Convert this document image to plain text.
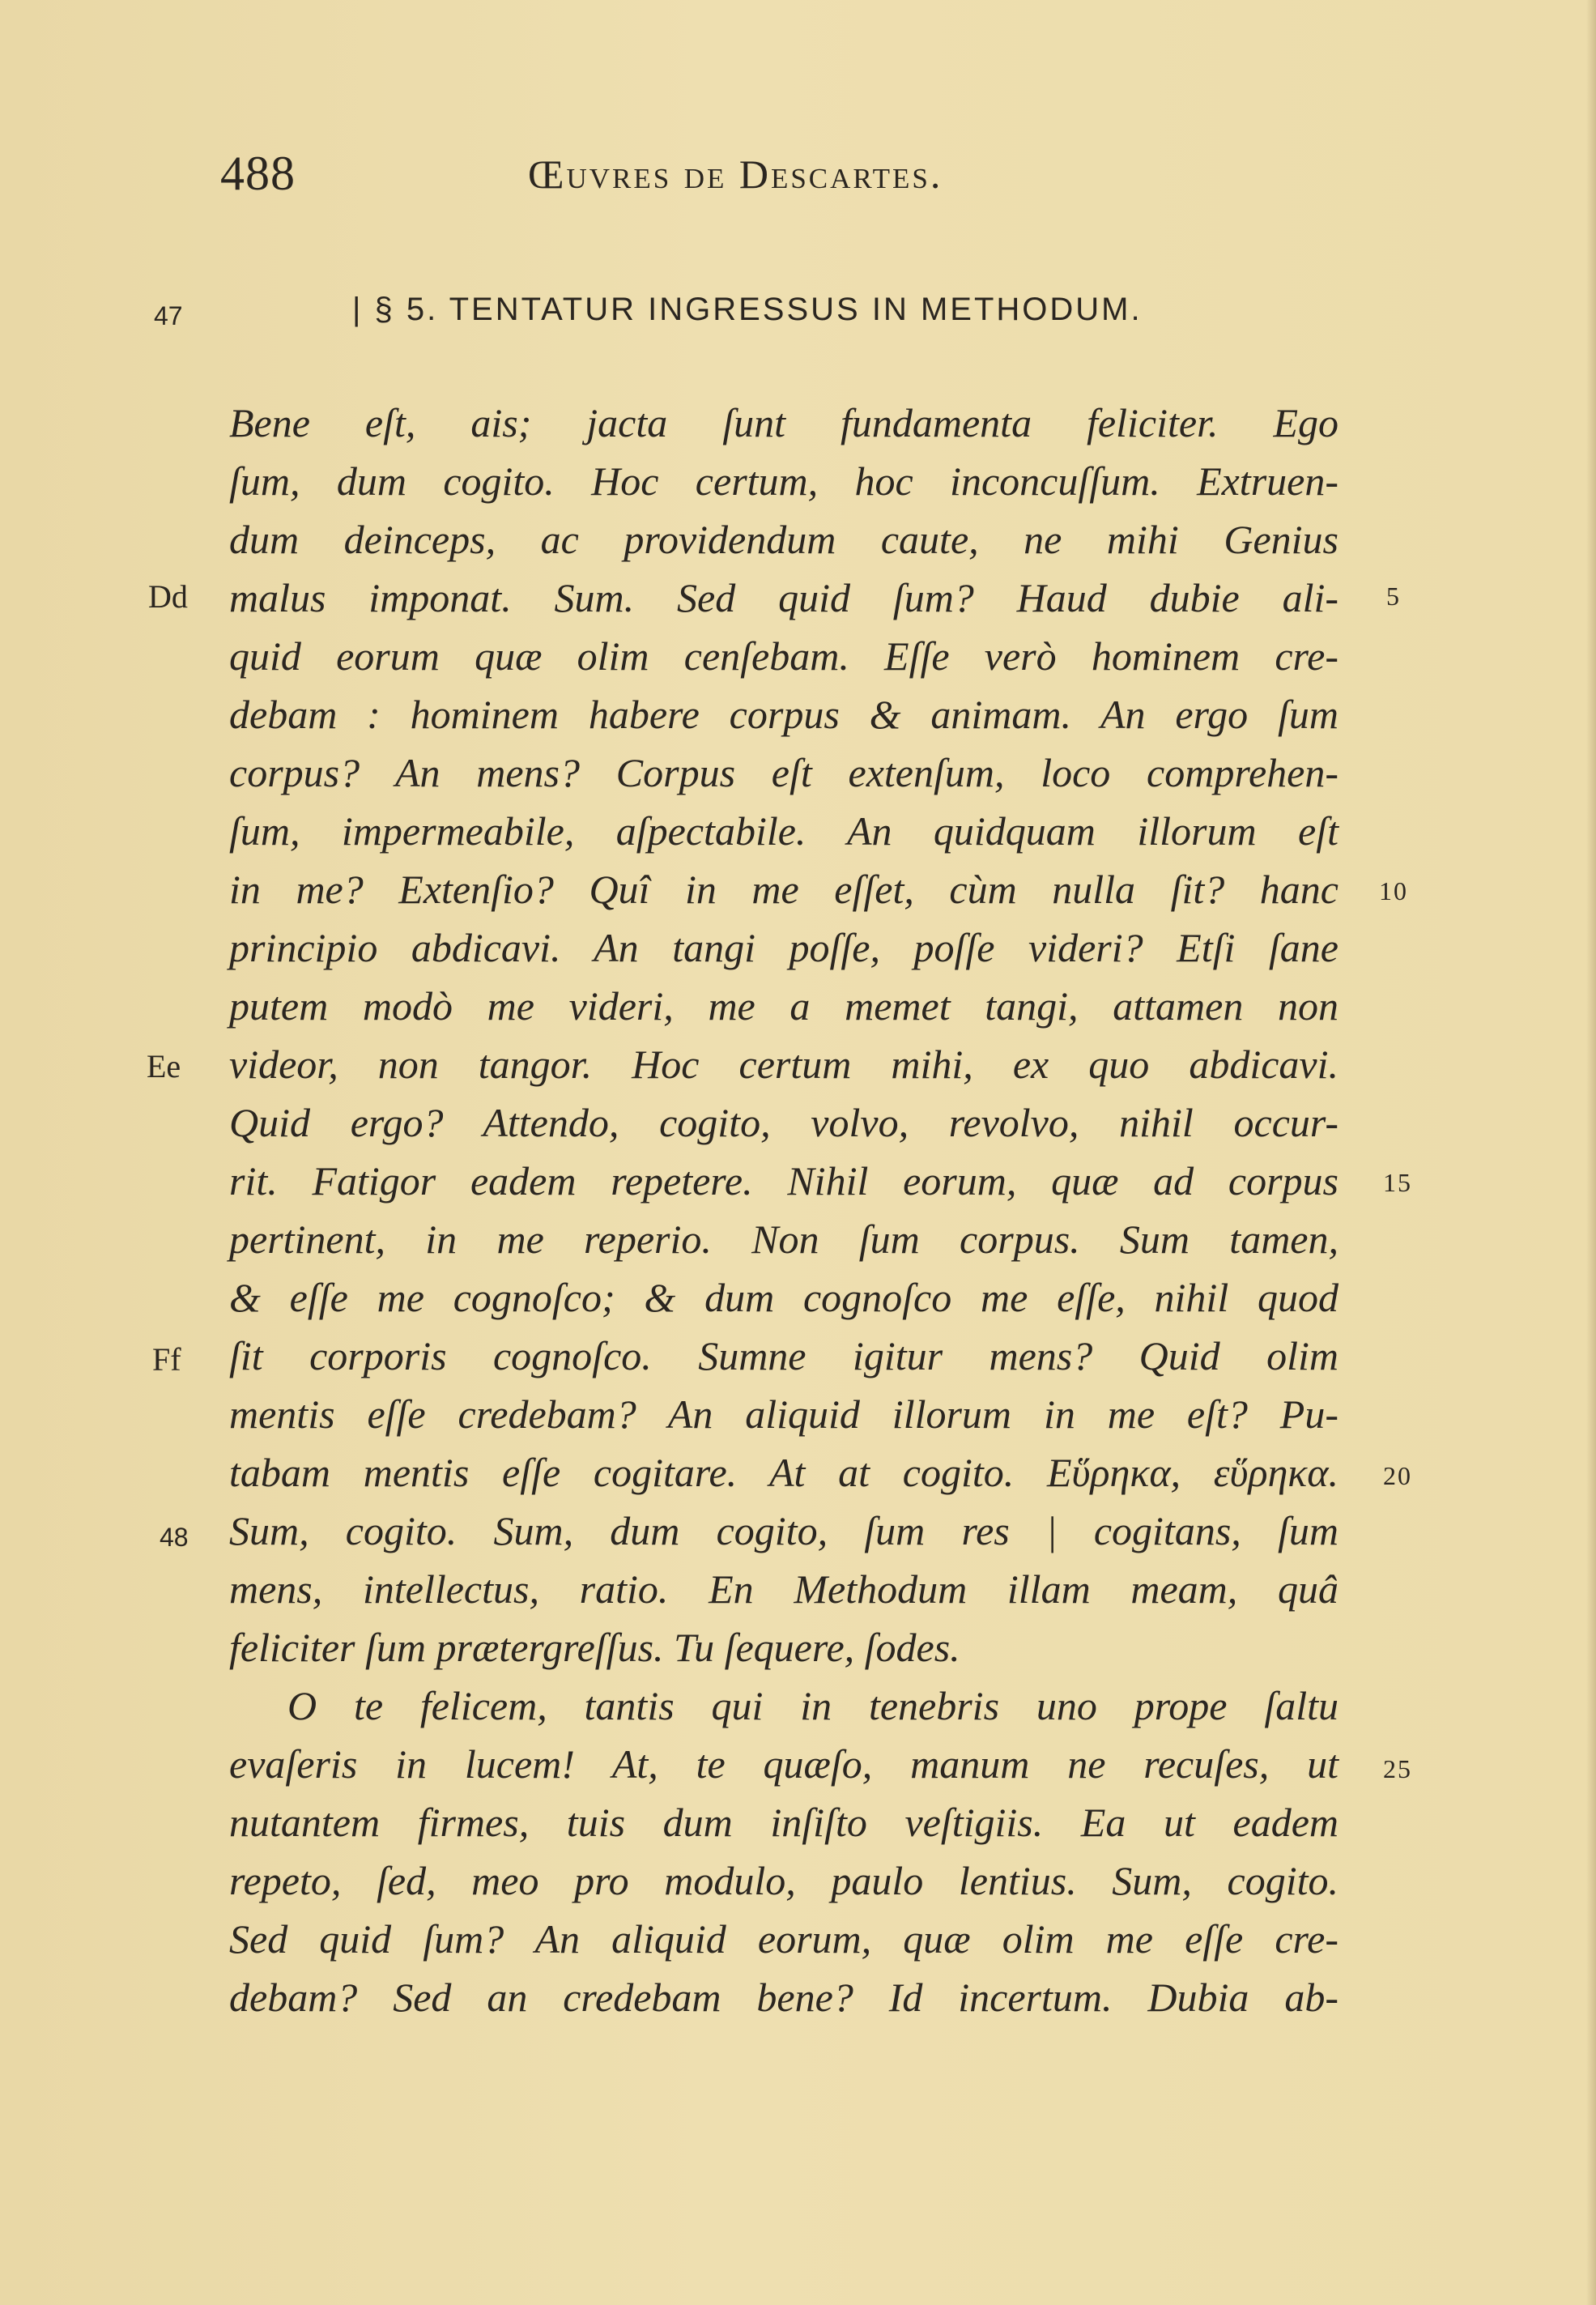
488	Œuvres de Descartes.
47	| § 5. TENTATUR INGRESSUS IN METHODUM.
Dd
Ee
Ff
48
5
10
15
20
25
Bene eſt, ais; jacta ſunt fundamenta feliciter. Ego
ſum, dum cogito. Hoc certum, hoc inconcuſſum. Extruen-
dum deinceps, ac providendum caute, ne mihi Genius
malus imponat. Sum. Sed quid ſum? Haud dubie ali-
quid eorum quæ olim cenſebam. Eſſe verò hominem cre-
debam : hominem habere corpus & animam. An ergo ſum
corpus? An mens? Corpus eſt extenſum, loco comprehen-
ſum, impermeabile, aſpectabile. An quidquam illorum eſt
in me? Extenſio? Quî in me eſſet, cùm nulla ſit? hanc
principio abdicavi. An tangi poſſe, poſſe videri? Etſi ſane
putem modò me videri, me a memet tangi, attamen non
videor, non tangor. Hoc certum mihi, ex quo abdicavi.
Quid ergo? Attendo, cogito, volvo, revolvo, nihil occur-
rit. Fatigor eadem repetere. Nihil eorum, quæ ad corpus
pertinent, in me reperio. Non ſum corpus. Sum tamen,
& eſſe me cognoſco; & dum cognoſco me eſſe, nihil quod
ſit corporis cognoſco. Sumne igitur mens? Quid olim
mentis eſſe credebam? An aliquid illorum in me eſt? Pu-
tabam mentis eſſe cogitare. At at cogito. Εὕρηκα, εὕρηκα.
Sum, cogito. Sum, dum cogito, ſum res | cogitans, ſum
mens, intellectus, ratio. En Methodum illam meam, quâ
feliciter ſum prætergreſſus. Tu ſequere, ſodes.
O te felicem, tantis qui in tenebris uno prope ſaltu
evaſeris in lucem! At, te quæſo, manum ne recuſes, ut
nutantem firmes, tuis dum inſiſto veſtigiis. Ea ut eadem
repeto, ſed, meo pro modulo, paulo lentius. Sum, cogito.
Sed quid ſum? An aliquid eorum, quæ olim me eſſe cre-
debam? Sed an credebam bene? Id incertum. Dubia ab-
